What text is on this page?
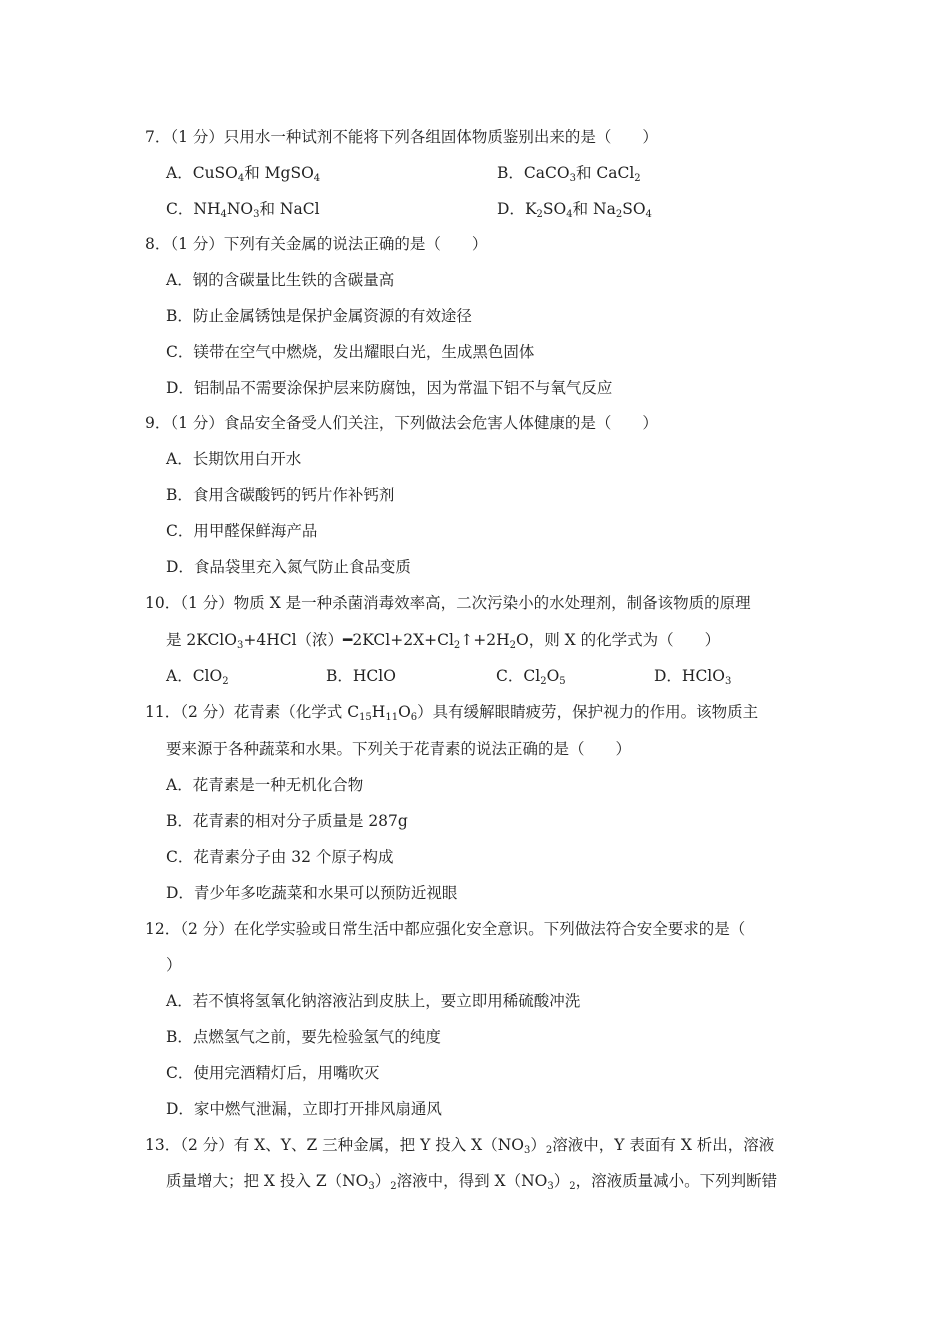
7．（1 分）只用水一种试剂不能将下列各组固体物质鉴别出来的是（　　）
A．CuSO$_4$和 MgSO$_4$	B．CaCO$_3$和 CaCl$_2$
C．$NH_4NO_3$和 NaCl	D．$K_2SO_4$和 $Na_2SO_4$
8．（1 分）下列有关金属的说法正确的是（　　）
A．钢的含碳量比生铁的含碳量高
B．防止金属锈蚀是保护金属资源的有效途径
C．镁带在空气中燃烧，发出耀眼白光，生成黑色固体
D．铝制品不需要涂保护层来防腐蚀，因为常温下铝不与氧气反应
9．（1 分）食品安全备受人们关注，下列做法会危害人体健康的是（　　）
A．长期饮用白开水
B．食用含碳酸钙的钙片作补钙剂
C．用甲醛保鲜海产品
D．食品袋里充入氮气防止食品变质
10．（1 分）物质 X 是一种杀菌消毒效率高，二次污染小的水处理剂，制备该物质的原理
是 2KClO$_3$+4HCl（浓）$━2KCl+2X+Cl_2↑+2H_2O$，则 X 的化学式为（　　）
A．ClO$_2$	B．HClO	C．$Cl_2O_5$	D．HClO$_3$
11．（2 分）花青素（化学式 $C_{15}H_{11}O_6$）具有缓解眼睛疲劳，保护视力的作用。该物质主
要来源于各种蔬菜和水果。下列关于花青素的说法正确的是（　　）
A．花青素是一种无机化合物
B．花青素的相对分子质量是 287g
C．花青素分子由 32 个原子构成
D．青少年多吃蔬菜和水果可以预防近视眼
12．（2 分）在化学实验或日常生活中都应强化安全意识。下列做法符合安全要求的是（
）
A．若不慎将氢氧化钠溶液沾到皮肤上，要立即用稀硫酸冲洗
B．点燃氢气之前，要先检验氢气的纯度
C．使用完酒精灯后，用嘴吹灭
D．家中燃气泄漏，立即打开排风扇通风
13．（2 分）有 X、Y、Z 三种金属，把 Y 投入 $X(NO_3)_2$溶液中，Y 表面有 X 析出，溶液
质量增大；把 X 投入 $Z(NO_3)_2$溶液中，得到 $X(NO_3)_2$，溶液质量减小。下列判断错
